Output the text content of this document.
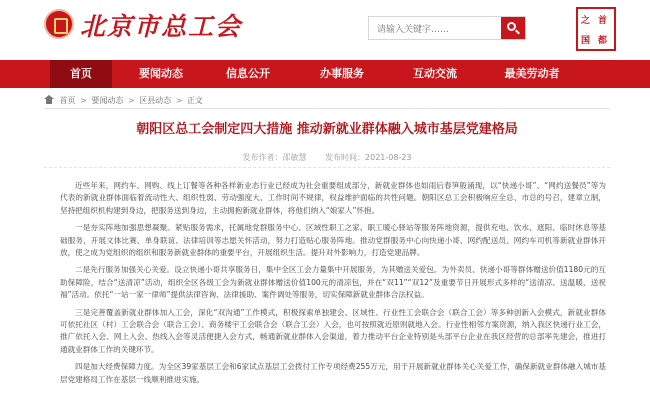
北京市总工会
请输入关键字……	之 首
国 都
首页	要闻动态	信息公开	办事服务	互动交流	最美劳动者
首页 > 要闻动态 > 区县动态 > 正文
朝阳区总工会制定四大措施 推动新就业群体融入城市基层党建格局
发布作者：邵敏慧 发布时间：2021-08-23

近些年来，网约车、网购、线上订餐等各种各样新业态行业已经成为社会重要组成部分，新就业群体也如雨后春笋般涌现，以“快递小哥”、“网约送餐员”等为代表的新就业群体面临着流动性大、组织性弱、劳动强度大、工作时间不规律，权益维护面临的共性问题。朝阳区总工会积极响应全总、市总的号召，建章立制，坚持把组织机构建到身边，把服务送到身边，主动拥抱新就业群体，将他们纳入“娘家人”怀抱。

一是夯实阵地加强思想凝聚。紧贴服务需求，托属地党群服务中心、区域性职工之家、职工暖心驿站等服务阵地资源，提供充电、饮水、遮阳、临时休息等基础服务，开展文体比赛、单身联谊、法律培训等志愿关怀活动，努力打造贴心服务阵地。推动党群服务中心向快递小哥、网约配送员、网约车司机等新就业群体开放，使之成为党组织的组织和服务新就业群体的重要平台，开展组织生活。提升对外影响力，打造党建品牌。

二是先行服务加强关心关爱。设立快递小哥共享服务日，集中全区工会力量集中开展服务，为其赠送关爱包。为外卖员、快递小哥等群体赠送价值1180元的互助保障险，结合“送清凉”活动，组织全区各级工会为新就业群体赠送价值100元的清凉包，并在“双11”“双12”及重要节日开展形式多样的“送清凉、送温暖、送祝福”活动。依托“一站一家一律师”提供法律咨询、法律援助、案件调处等服务，切实保障新就业群体合法权益。

三是完善覆盖新就业群体加入工会，深化“双沟通”工作模式，积极探索单独建会、区域性、行业性工会联合会（联合工会）等多种创新入会模式，新就业群体可依托社区（村）工会联合会（联合工会）、商务楼宇工会联合会（联合工会）入会，也可按照就近原则就地入会。行业性相邻方案资源，纳入我区快递行业工会，推广依托入会、网上入会、热线入会等灵活便捷入会方式，畅通新就业群体入会渠道，着力推动平台企业特别是头部平台企业在我区经营的总部率先建会，推进打通就业群体工作的关键环节。

四是加大经费保障力度。为全区39家基层工会和6家试点基层工会拨付工作专项经费255万元，用于开展新就业群体关心关爱工作，确保新就业群体融入城市基层党建格局工作在基层一线顺利推进实施。
